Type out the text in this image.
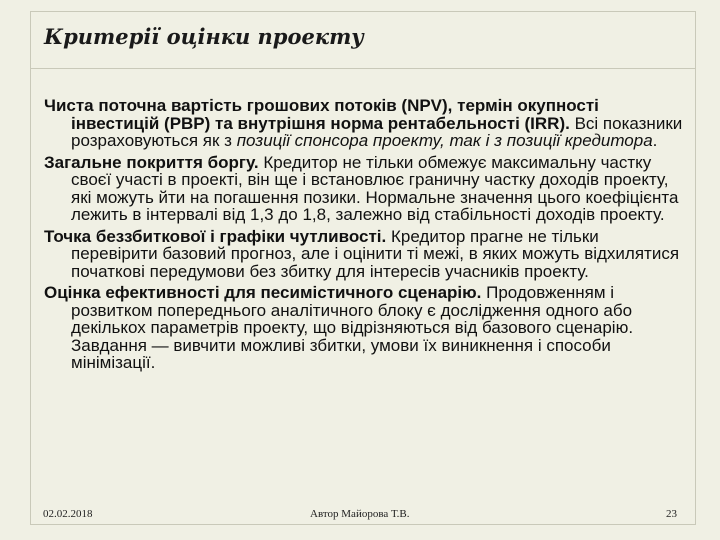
Критерії оцінки проекту

Чиста поточна вартість грошових потоків (NPV), термін окупності інвестицій (PBP) та внутрішня норма рентабельності (IRR). Всі показники розраховуються як з позиції спонсора проекту, так і з позиції кредитора.

Загальне покриття боргу. Кредитор не тільки обмежує максимальну частку своєї участі в проекті, він ще і встановлює граничну частку доходів проекту, які можуть йти на погашення позики. Нормальне значення цього коефіцієнта лежить в інтервалі від 1,3 до 1,8, залежно від стабільності доходів проекту.

Точка беззбиткової і графіки чутливості. Кредитор прагне не тільки перевірити базовий прогноз, але і оцінити ті межі, в яких можуть відхилятися початкові передумови без збитку для інтересів учасників проекту.

Оцінка ефективності для песимістичного сценарію. Продовженням і розвитком попереднього аналітичного блоку є дослідження одного або декількох параметрів проекту, що відрізняються від базового сценарію. Завдання — вивчити можливі збитки, умови їх виникнення і способи мінімізації.

02.02.2018	Автор Майорова Т.В.	23
